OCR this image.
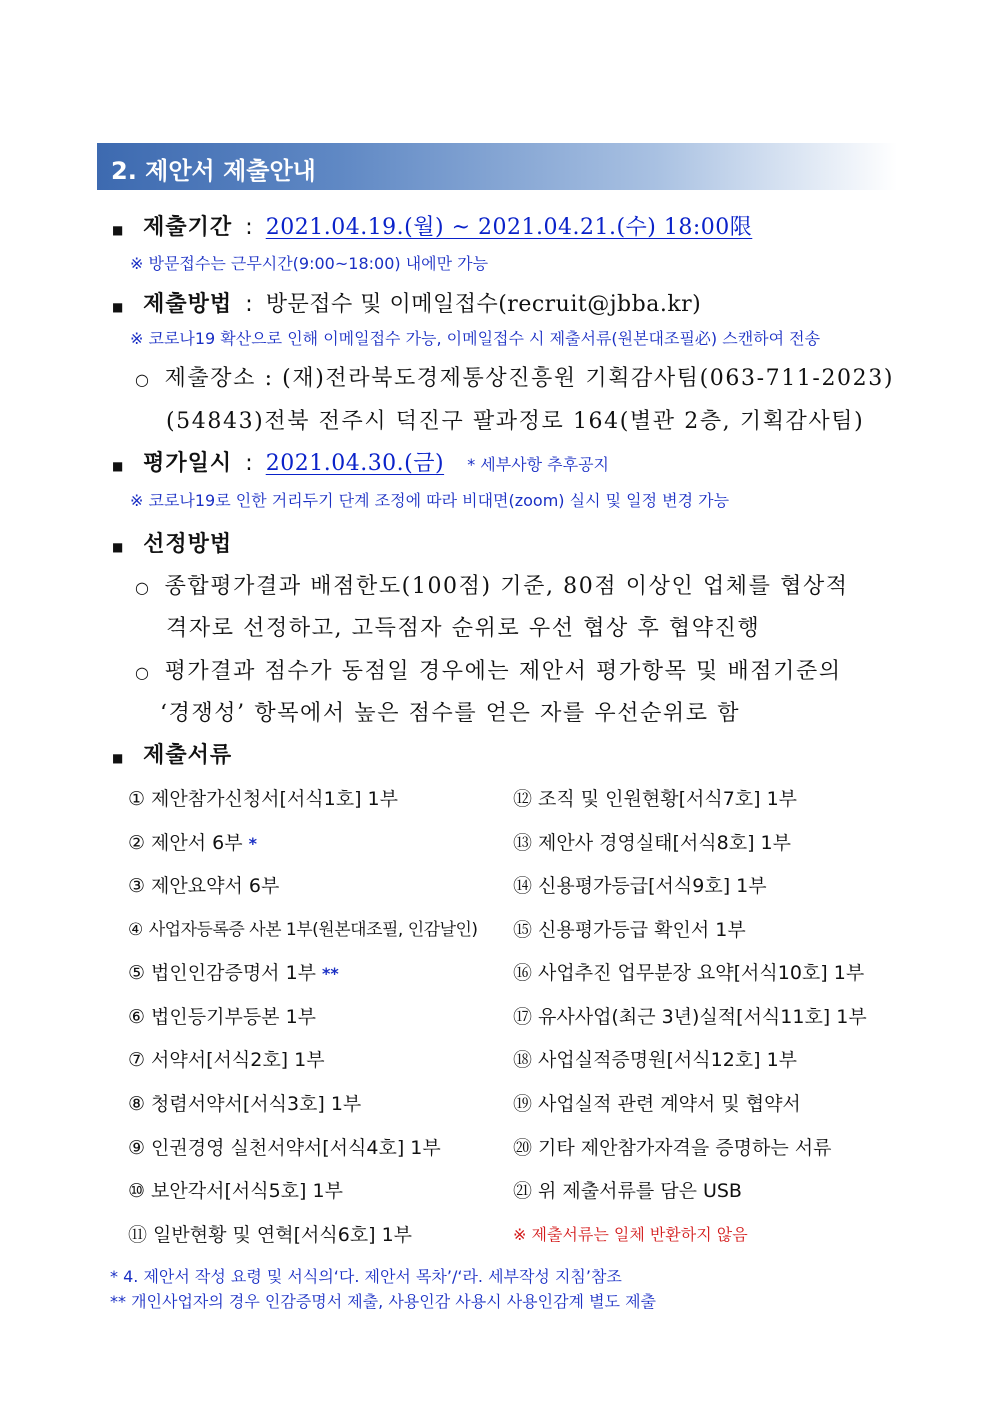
2. 제안서 제출안내
■ 제출기간 : 2021.04.19.(월) ~ 2021.04.21.(수) 18:00限
※ 방문접수는 근무시간(9:00~18:00) 내에만 가능
■ 제출방법 : 방문접수 및 이메일접수(recruit@jbba.kr)
※ 코로나19 확산으로 인해 이메일접수 가능, 이메일접수 시 제출서류(원본대조필必) 스캔하여 전송
○ 제출장소 : (재)전라북도경제통상진흥원 기획감사팀(063-711-2023)
(54843)전북 전주시 덕진구 팔과정로 164(별관 2층, 기획감사팀)
■ 평가일시 : 2021.04.30.(금) * 세부사항 추후공지
※ 코로나19로 인한 거리두기 단계 조정에 따라 비대면(zoom) 실시 및 일정 변경 가능
■ 선정방법
○ 종합평가결과 배점한도(100점) 기준, 80점 이상인 업체를 협상적
격자로 선정하고, 고득점자 순위로 우선 협상 후 협약진행
○ 평가결과 점수가 동점일 경우에는 제안서 평가항목 및 배점기준의
‘경쟁성’ 항목에서 높은 점수를 얻은 자를 우선순위로 함
■ 제출서류
① 제안참가신청서[서식1호] 1부
② 제안서 6부 *
③ 제안요약서 6부
④ 사업자등록증 사본 1부(원본대조필, 인감날인)
⑤ 법인인감증명서 1부 **
⑥ 법인등기부등본 1부
⑦ 서약서[서식2호] 1부
⑧ 청렴서약서[서식3호] 1부
⑨ 인권경영 실천서약서[서식4호] 1부
⑩ 보안각서[서식5호] 1부
⑪ 일반현황 및 연혁[서식6호] 1부
⑫ 조직 및 인원현황[서식7호] 1부
⑬ 제안사 경영실태[서식8호] 1부
⑭ 신용평가등급[서식9호] 1부
⑮ 신용평가등급 확인서 1부
⑯ 사업추진 업무분장 요약[서식10호] 1부
⑰ 유사사업(최근 3년)실적[서식11호] 1부
⑱ 사업실적증명원[서식12호] 1부
⑲ 사업실적 관련 계약서 및 협약서
⑳ 기타 제안참가자격을 증명하는 서류
㉑ 위 제출서류를 담은 USB
※ 제출서류는 일체 반환하지 않음
* 4. 제안서 작성 요령 및 서식의‘다. 제안서 목차’/‘라. 세부작성 지침’참조
** 개인사업자의 경우 인감증명서 제출, 사용인감 사용시 사용인감계 별도 제출
